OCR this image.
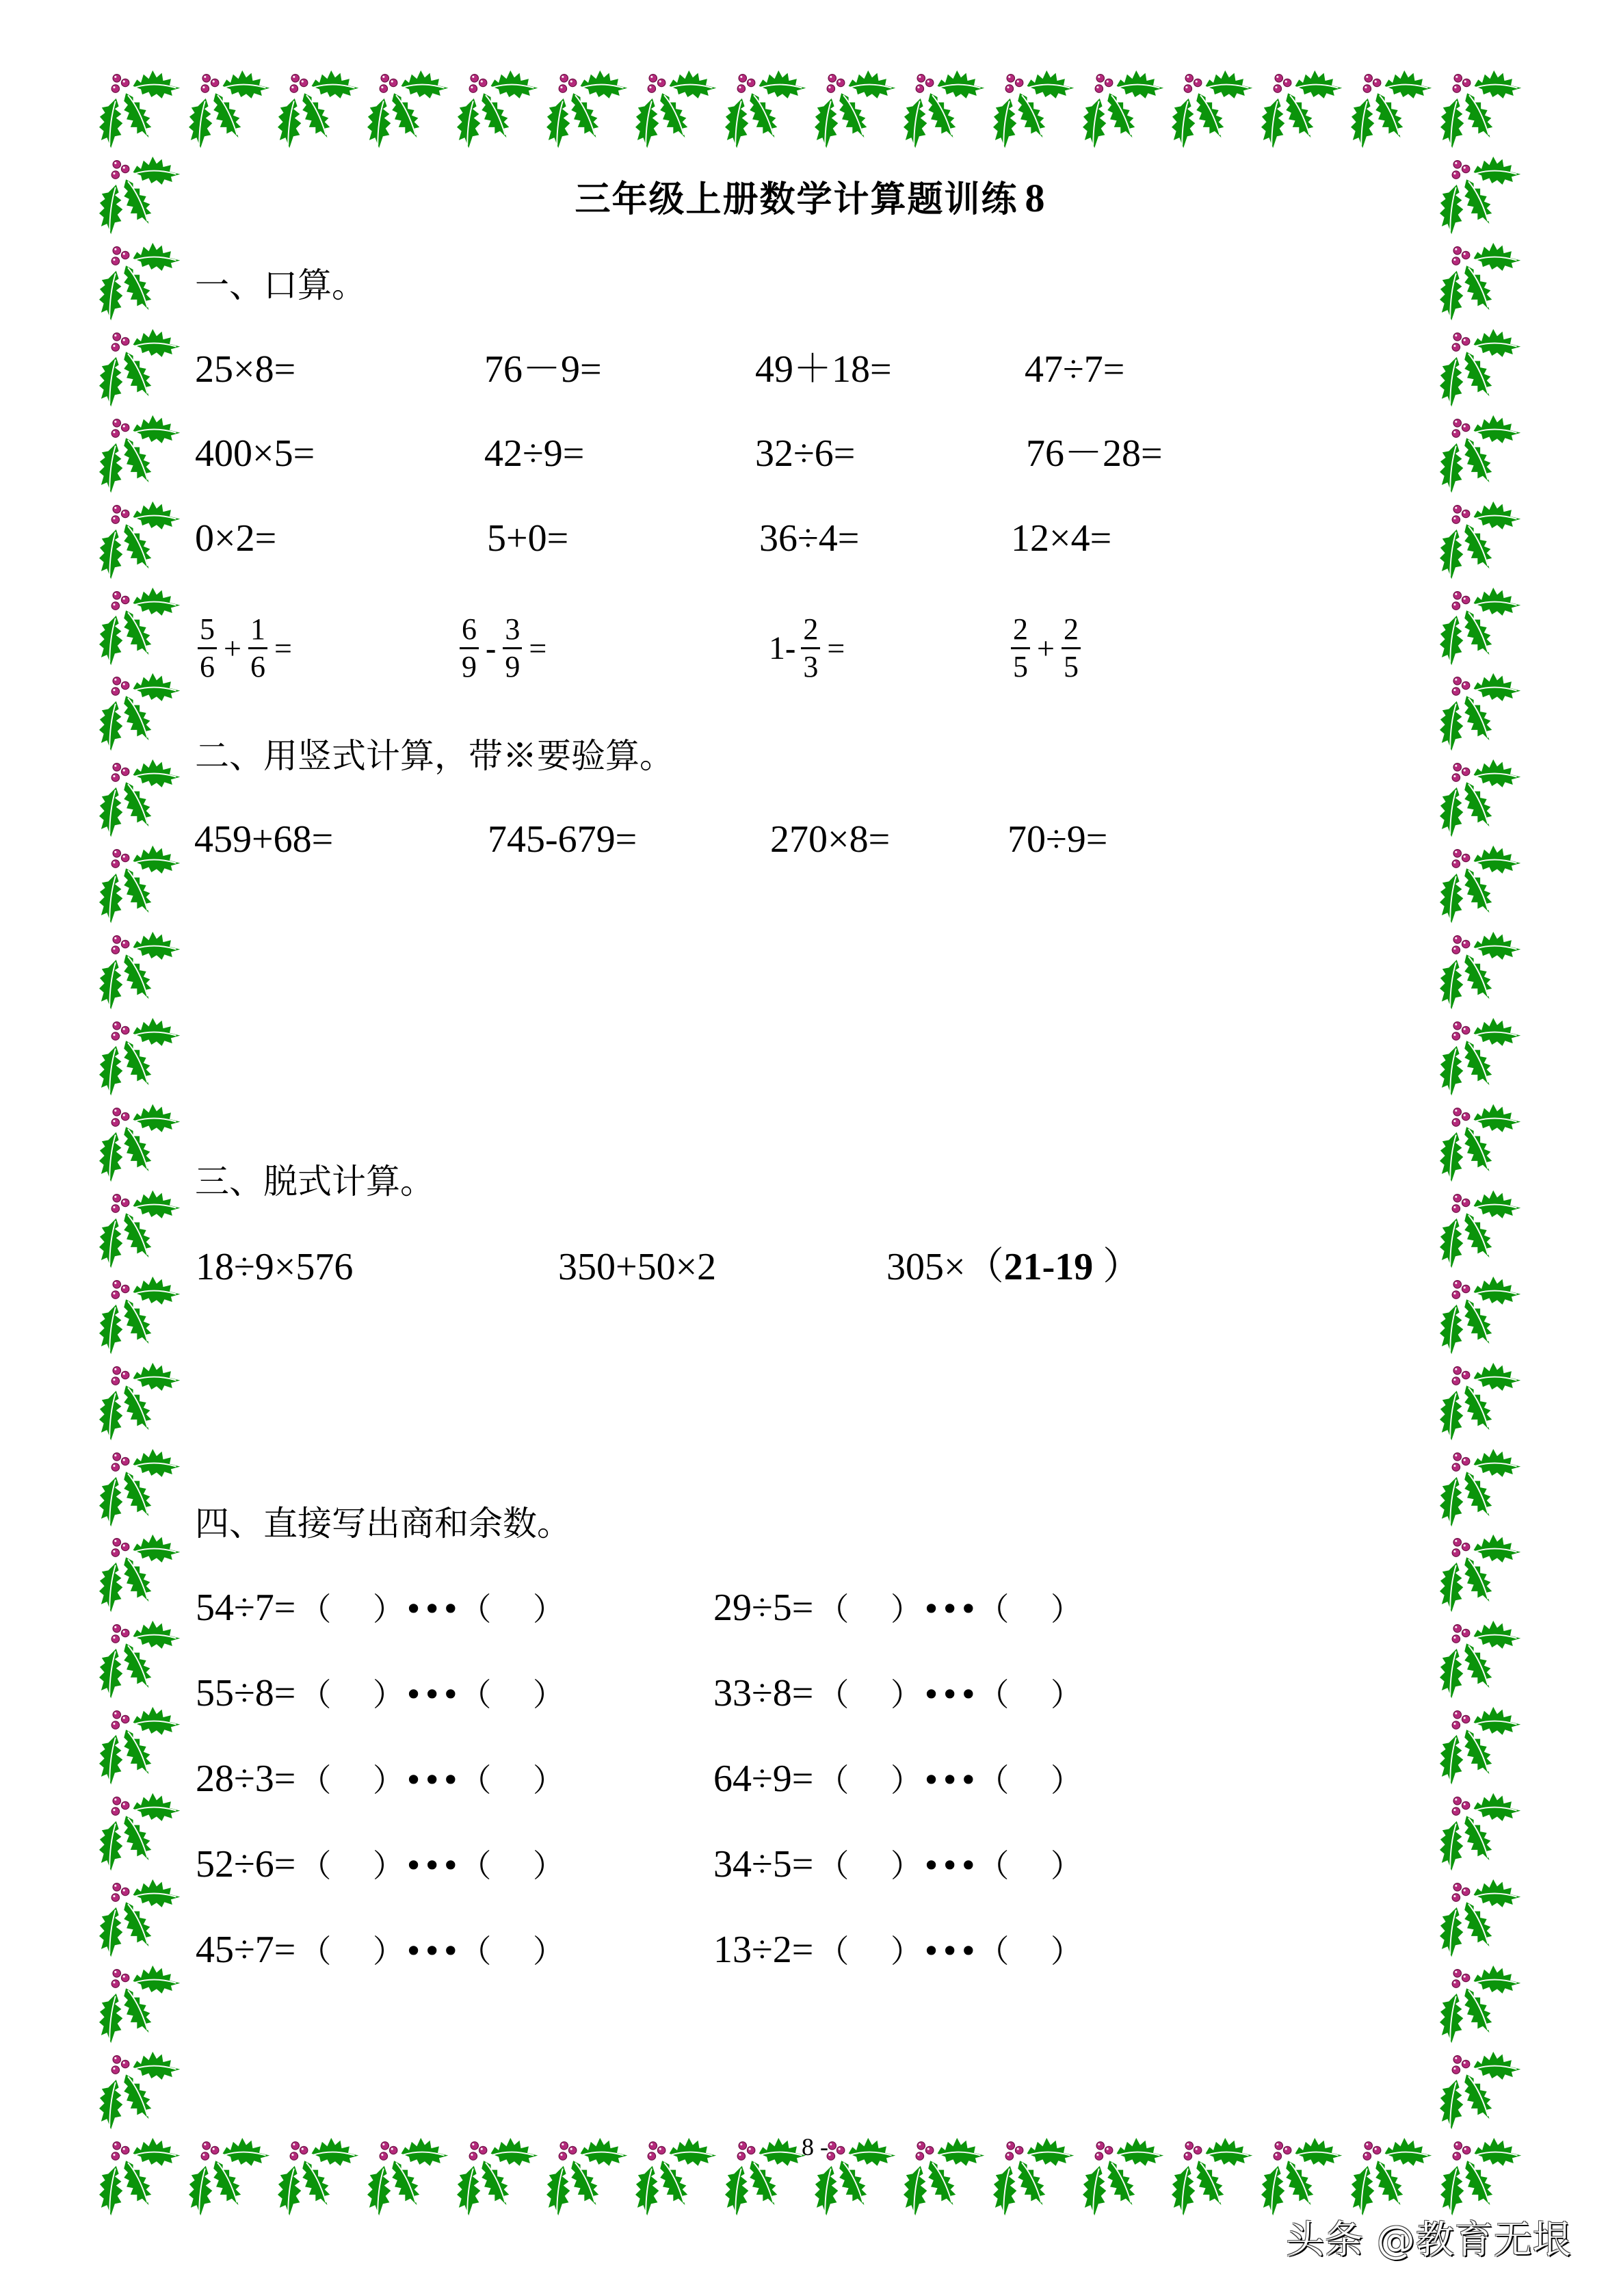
三年级上册数学计算题训练 8
一、口算。
25×8=	76－9=	49＋18=	47÷7=
400×5=	42÷9=	32÷6=	76－28=
0×2=	5+0=	36÷4=	12×4=
$\frac{5}{6} + \frac{1}{6}$ =	$\frac{6}{9} - \frac{3}{9}$ =	$1 - \frac{2}{3}$ =	$\frac{2}{5} + \frac{2}{5}$
二、用竖式计算，带※要验算。
459+68=	745-679=	270×8=	70÷9=
三、脱式计算。
18÷9×576	350+50×2	305×（21-19 ）
四、直接写出商和余数。
54÷7= （　 ）•••（　 ）	29÷5= （　 ）•••（　 ）
55÷8= （　 ）•••（　 ）	33÷8= （　 ）•••（　 ）
28÷3= （　 ）•••（　 ）	64÷9= （　 ）•••（　 ）
52÷6= （　 ）•••（　 ）	34÷5= （　 ）•••（　 ）
45÷7= （　 ）•••（　 ）	13÷2= （　 ）•••（　 ）
8 -
头条 @教育无垠
